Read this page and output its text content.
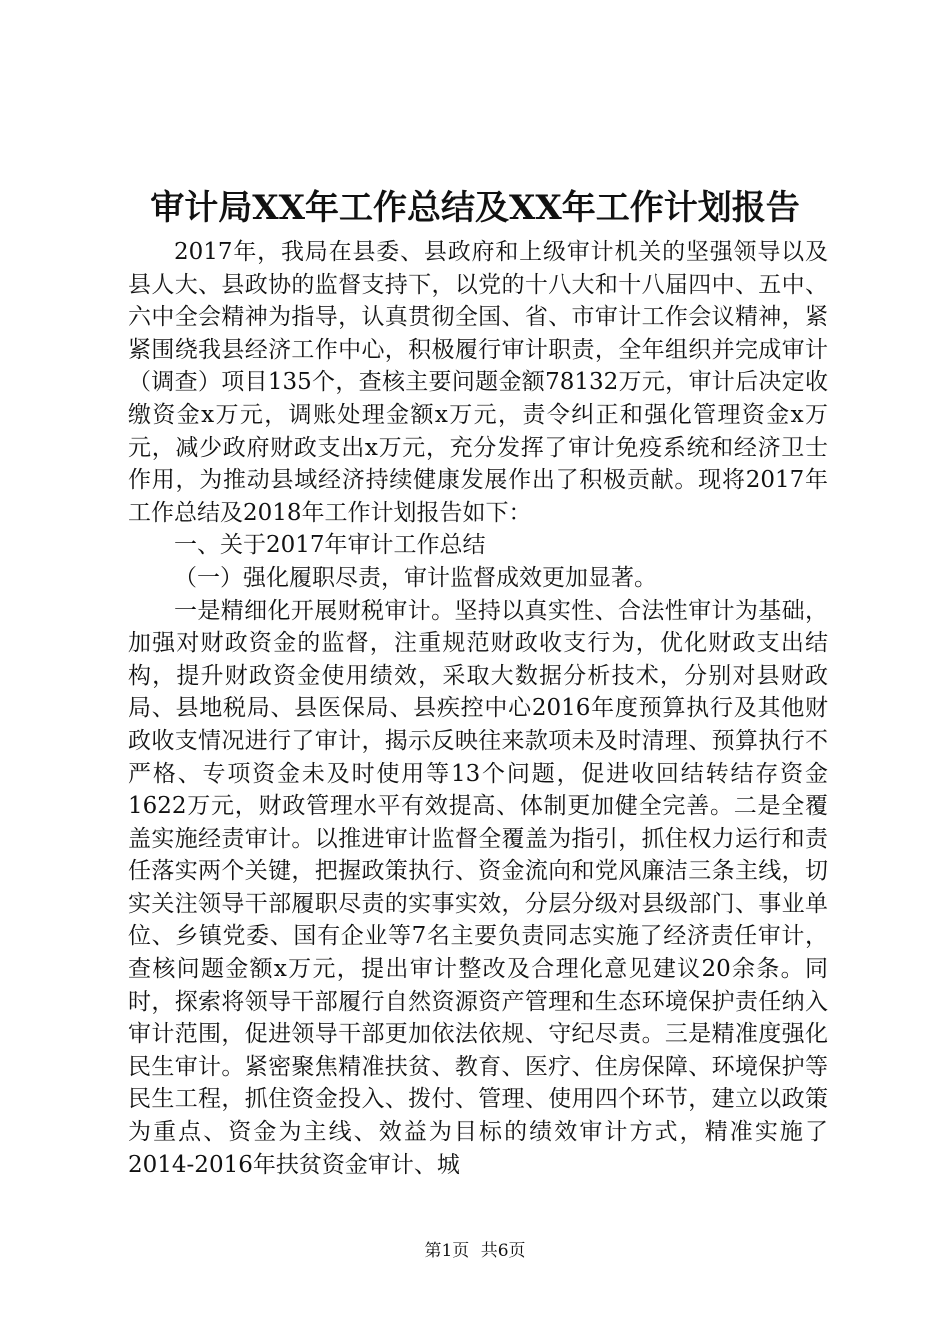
审计局XX年工作总结及XX年工作计划报告

2017年，我局在县委、县政府和上级审计机关的坚强领导以及县人大、县政协的监督支持下，以党的十八大和十八届四中、五中、六中全会精神为指导，认真贯彻全国、省、市审计工作会议精神，紧紧围绕我县经济工作中心，积极履行审计职责，全年组织并完成审计（调查）项目135个，查核主要问题金额78132万元，审计后决定收缴资金x万元，调账处理金额x万元，责令纠正和强化管理资金x万元，减少政府财政支出x万元，充分发挥了审计免疫系统和经济卫士作用，为推动县域经济持续健康发展作出了积极贡献。现将2017年工作总结及2018年工作计划报告如下：

一、关于2017年审计工作总结

（一）强化履职尽责，审计监督成效更加显著。

一是精细化开展财税审计。坚持以真实性、合法性审计为基础，加强对财政资金的监督，注重规范财政收支行为，优化财政支出结构，提升财政资金使用绩效，采取大数据分析技术，分别对县财政局、县地税局、县医保局、县疾控中心2016年度预算执行及其他财政收支情况进行了审计，揭示反映往来款项未及时清理、预算执行不严格、专项资金未及时使用等13个问题，促进收回结转结存资金1622万元，财政管理水平有效提高、体制更加健全完善。二是全覆盖实施经责审计。以推进审计监督全覆盖为指引，抓住权力运行和责任落实两个关键，把握政策执行、资金流向和党风廉洁三条主线，切实关注领导干部履职尽责的实事实效，分层分级对县级部门、事业单位、乡镇党委、国有企业等7名主要负责同志实施了经济责任审计，查核问题金额x万元，提出审计整改及合理化意见建议20余条。同时，探索将领导干部履行自然资源资产管理和生态环境保护责任纳入审计范围，促进领导干部更加依法依规、守纪尽责。三是精准度强化民生审计。紧密聚焦精准扶贫、教育、医疗、住房保障、环境保护等民生工程，抓住资金投入、拨付、管理、使用四个环节，建立以政策为重点、资金为主线、效益为目标的绩效审计方式，精准实施了2014-2016年扶贫资金审计、城

第1页 共6页
